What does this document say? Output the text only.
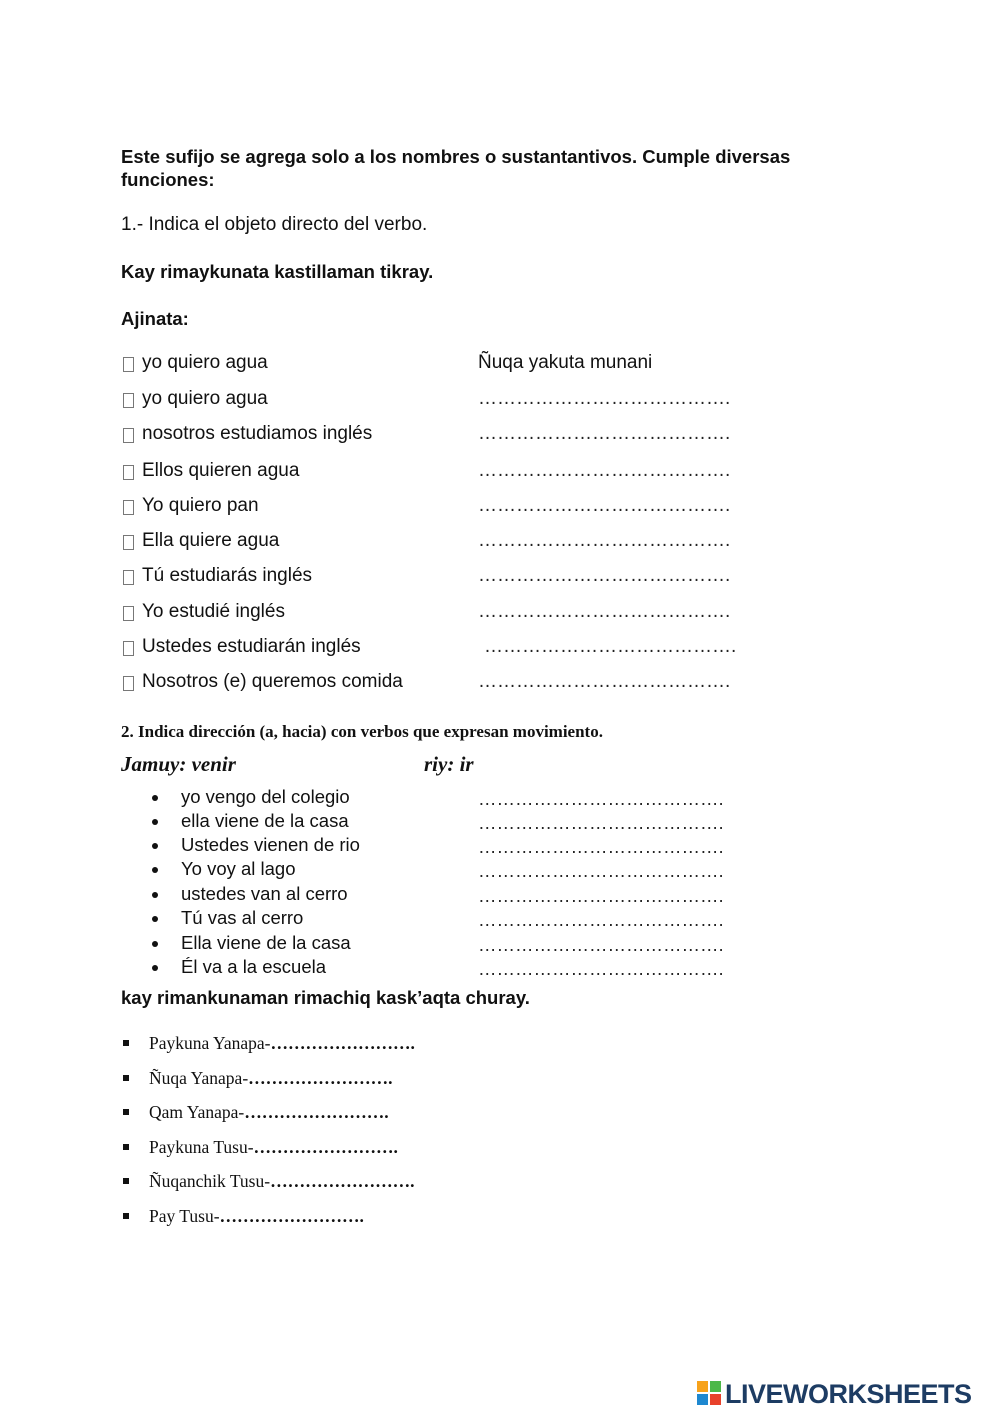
Este sufijo se agrega solo a los nombres o sustantantivos. Cumple diversas funciones:

1.- Indica el objeto directo del verbo.

Kay rimaykunata kastillaman tikray.

Ajinata:

yo quiero agua	Ñuqa yakuta munani
yo quiero agua	………………………………….
nosotros estudiamos inglés	………………………………….
Ellos quieren agua	………………………………….
Yo quiero pan	………………………………….
Ella quiere agua	………………………………….
Tú estudiarás inglés	………………………………….
Yo estudié inglés	………………………………….
Ustedes estudiarán inglés	………………………………….
Nosotros (e) queremos comida	………………………………….

2. Indica dirección (a, hacia) con verbos que expresan movimiento.

Jamuy: venir	riy: ir

yo vengo del colegio	………………………………….
ella viene de la casa	………………………………….
Ustedes vienen de rio	………………………………….
Yo voy al lago	………………………………….
ustedes van al cerro	………………………………….
Tú vas al cerro	………………………………….
Ella viene de la casa	………………………………….
Él va a la escuela	………………………………….

kay rimankunaman rimachiq kask’aqta churay.

Paykuna Yanapa-…………………….
Ñuqa Yanapa-…………………….
Qam Yanapa-…………………….
Paykuna Tusu-…………………….
Ñuqanchik Tusu-…………………….
Pay Tusu-…………………….
LIVEWORKSHEETS
